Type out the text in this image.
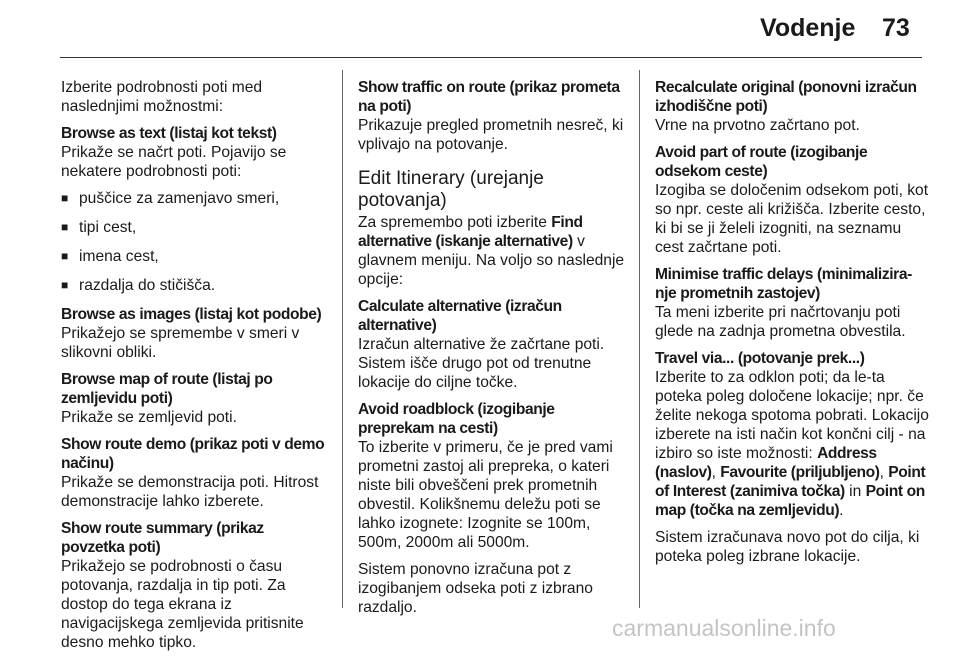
Vodenje 73

Izberite podrobnosti poti med naslednjimi možnostmi:

Browse as text (listaj kot tekst)
Prikaže se načrt poti. Pojavijo se nekatere podrobnosti poti:
■ puščice za zamenjavo smeri,
■ tipi cest,
■ imena cest,
■ razdalja do stičišča.
Browse as images (listaj kot podobe)
Prikažejo se spremembe v smeri v slikovni obliki.
Browse map of route (listaj po zemljevidu poti)
Prikaže se zemljevid poti.
Show route demo (prikaz poti v demo načinu)
Prikaže se demonstracija poti. Hitrost demonstracije lahko izberete.
Show route summary (prikaz povzetka poti)
Prikažejo se podrobnosti o času potovanja, razdalja in tip poti. Za dostop do tega ekrana iz navigacijskega zemljevida pritisnite desno mehko tipko.
Show traffic on route (prikaz prometa na poti)
Prikazuje pregled prometnih nesreč, ki vplivajo na potovanje.
Edit Itinerary (urejanje potovanja)

Za spremembo poti izberite Find alternative (iskanje alternative) v glavnem meniju. Na voljo so naslednje opcije:

Calculate alternative (izračun alternative)
Izračun alternative že začrtane poti. Sistem išče drugo pot od trenutne lokacije do ciljne točke.
Avoid roadblock (izogibanje preprekam na cesti)
To izberite v primeru, če je pred vami prometni zastoj ali prepreka, o kateri niste bili obveščeni prek prometnih obvestil. Kolikšnemu deležu poti se lahko izognete: Izognite se 100m, 500m, 2000m ali 5000m.

Sistem ponovno izračuna pot z izogibanjem odseka poti z izbrano razdaljo.

Recalculate original (ponovni izračun izhodiščne poti)
Vrne na prvotno začrtano pot.
Avoid part of route (izogibanje odsekom ceste)
Izogiba se določenim odsekom poti, kot so npr. ceste ali križišča. Izberite cesto, ki bi se ji želeli izogniti, na seznamu cest začrtane poti.
Minimise traffic delays (minimalizira-nje prometnih zastojev)
Ta meni izberite pri načrtovanju poti glede na zadnja prometna obvestila.
Travel via... (potovanje prek...)
Izberite to za odklon poti; da le-ta poteka poleg določene lokacije; npr. če želite nekoga spotoma pobrati. Lokacijo izberete na isti način kot končni cilj - na izbiro so iste možnosti: Address (naslov), Favourite (priljubljeno), Point of Interest (zanimiva točka) in Point on map (točka na zemljevidu).

Sistem izračunava novo pot do cilja, ki poteka poleg izbrane lokacije.

carmanualsonline.info
